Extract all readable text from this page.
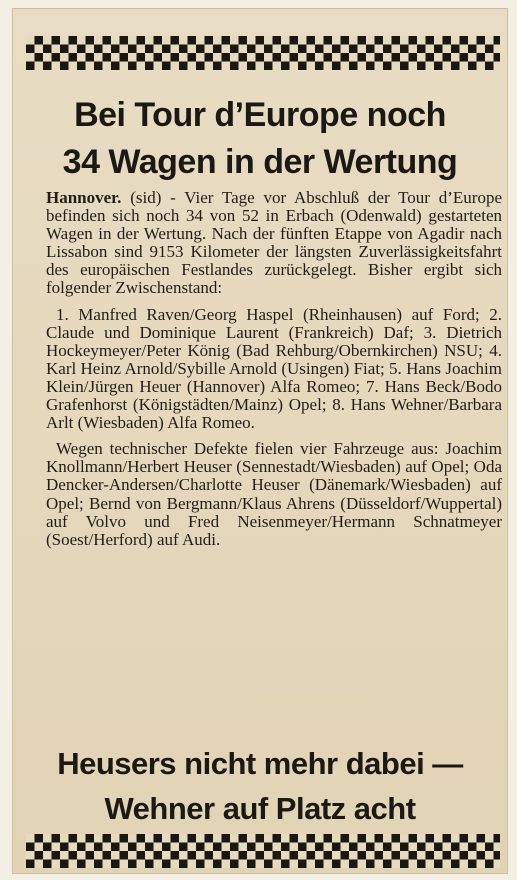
Bei Tour d’Europe noch
34 Wagen in der Wertung

Hannover. (sid) - Vier Tage vor Abschluß der Tour d’Europe befinden sich noch 34 von 52 in Erbach (Odenwald) gestarteten Wagen in der Wertung. Nach der fünften Etappe von Agadir nach Lissabon sind 9153 Kilometer der längsten Zuverlässigkeitsfahrt des europäischen Festlandes zurückgelegt. Bisher ergibt sich folgender Zwischenstand:

1. Manfred Raven/Georg Haspel (Rheinhausen) auf Ford; 2. Claude und Dominique Laurent (Frankreich) Daf; 3. Dietrich Hockeymeyer/Peter König (Bad Rehburg/Obernkirchen) NSU; 4. Karl Heinz Arnold/Sybille Arnold (Usingen) Fiat; 5. Hans Joachim Klein/Jürgen Heuer (Hannover) Alfa Romeo; 7. Hans Beck/Bodo Grafenhorst (Königstädten/Mainz) Opel; 8. Hans Wehner/Barbara Arlt (Wiesbaden) Alfa Romeo.

Wegen technischer Defekte fielen vier Fahrzeuge aus: Joachim Knollmann/Herbert Heuser (Sennestadt/Wiesbaden) auf Opel; Oda Dencker-Andersen/Charlotte Heuser (Dänemark/Wiesbaden) auf Opel; Bernd von Bergmann/Klaus Ahrens (Düsseldorf/Wuppertal) auf Volvo und Fred Neisenmeyer/Hermann Schnatmeyer (Soest/Herford) auf Audi.

Heusers nicht mehr dabei —
Wehner auf Platz acht
